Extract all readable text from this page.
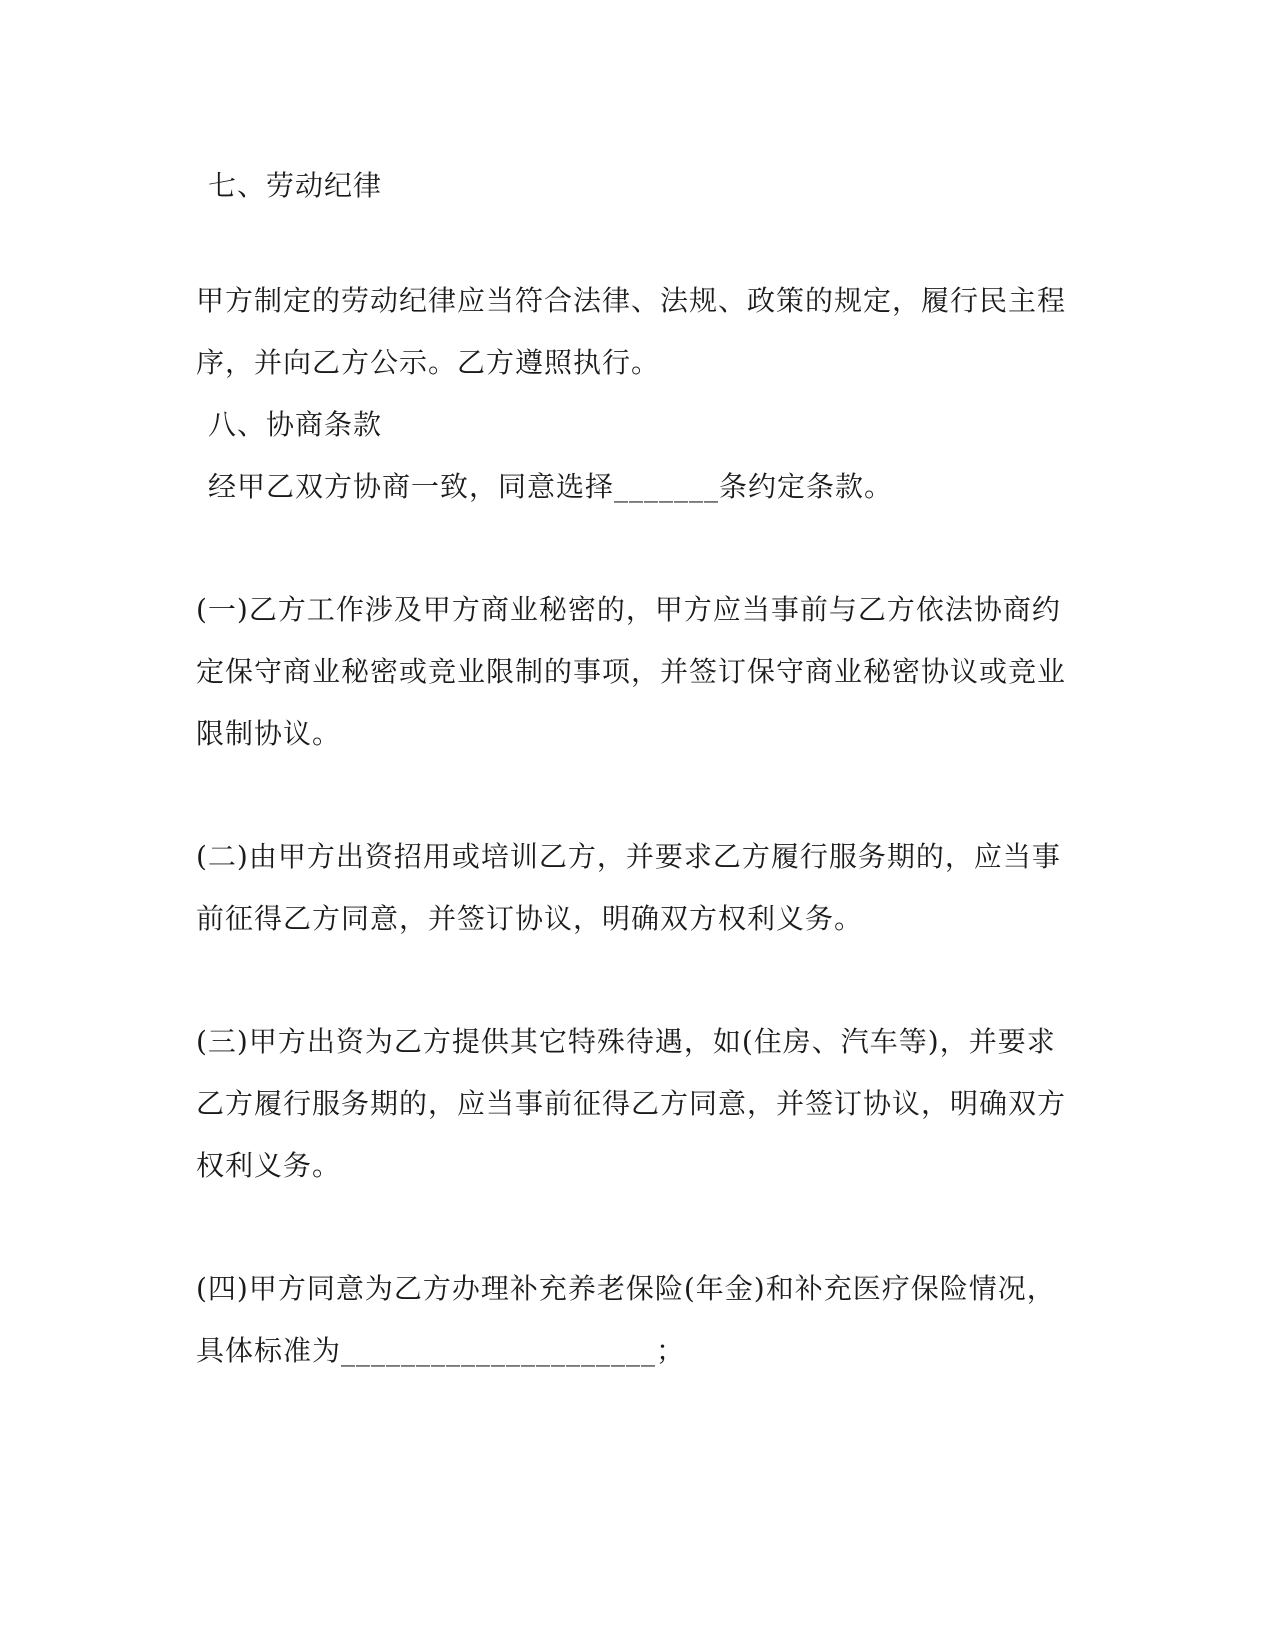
七、劳动纪律
甲方制定的劳动纪律应当符合法律、法规、政策的规定，履行民主程
序，并向乙方公示。乙方遵照执行。
八、协商条款
经甲乙双方协商一致，同意选择_______条约定条款。
(一)乙方工作涉及甲方商业秘密的，甲方应当事前与乙方依法协商约
定保守商业秘密或竞业限制的事项，并签订保守商业秘密协议或竞业
限制协议。
(二)由甲方出资招用或培训乙方，并要求乙方履行服务期的，应当事
前征得乙方同意，并签订协议，明确双方权利义务。
(三)甲方出资为乙方提供其它特殊待遇，如(住房、汽车等)，并要求
乙方履行服务期的，应当事前征得乙方同意，并签订协议，明确双方
权利义务。
(四)甲方同意为乙方办理补充养老保险(年金)和补充医疗保险情况，
具体标准为_____________________；
